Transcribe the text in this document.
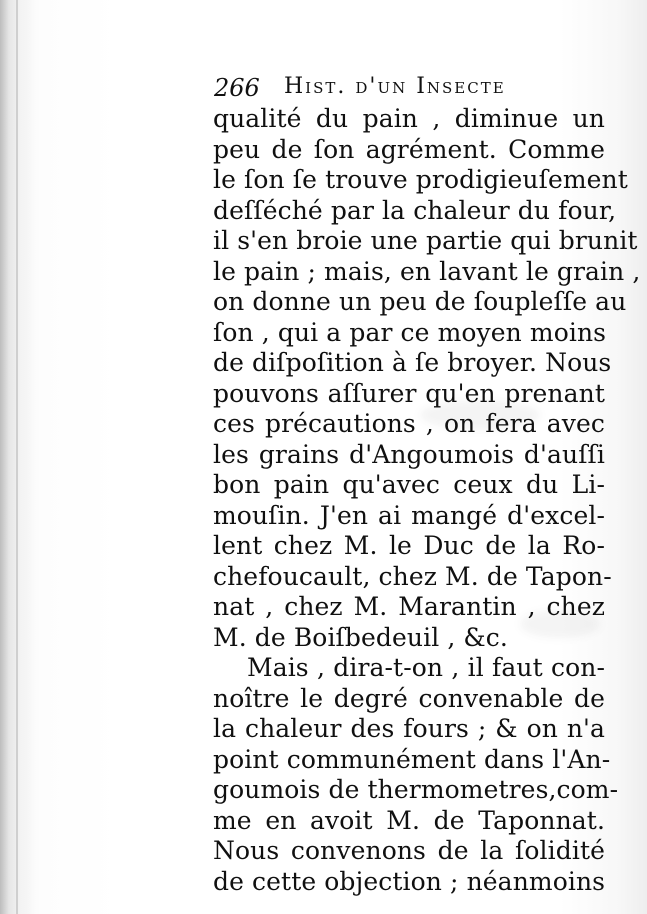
266 Hist. d'un Insecte
qualité du pain , diminue un
peu de ſon agrément. Comme
le ſon ſe trouve prodigieuſement
deſſéché par la chaleur du four,
il s'en broie une partie qui brunit
le pain ; mais, en lavant le grain ,
on donne un peu de ſoupleſſe au
ſon , qui a par ce moyen moins
de diſpoſition à ſe broyer. Nous
pouvons aſſurer qu'en prenant
ces précautions , on fera avec
les grains d'Angoumois d'auſſi
bon pain qu'avec ceux du Li-
mouſin. J'en ai mangé d'excel-
lent chez M. le Duc de la Ro-
chefoucault, chez M. de Tapon-
nat , chez M. Marantin , chez
M. de Boiſbedeuil , &c.
Mais , dira-t-on , il faut con-
noître le degré convenable de
la chaleur des fours ; & on n'a
point communément dans l'An-
goumois de thermometres,com-
me en avoit M. de Taponnat.
Nous convenons de la ſolidité
de cette objection ; néanmoins
